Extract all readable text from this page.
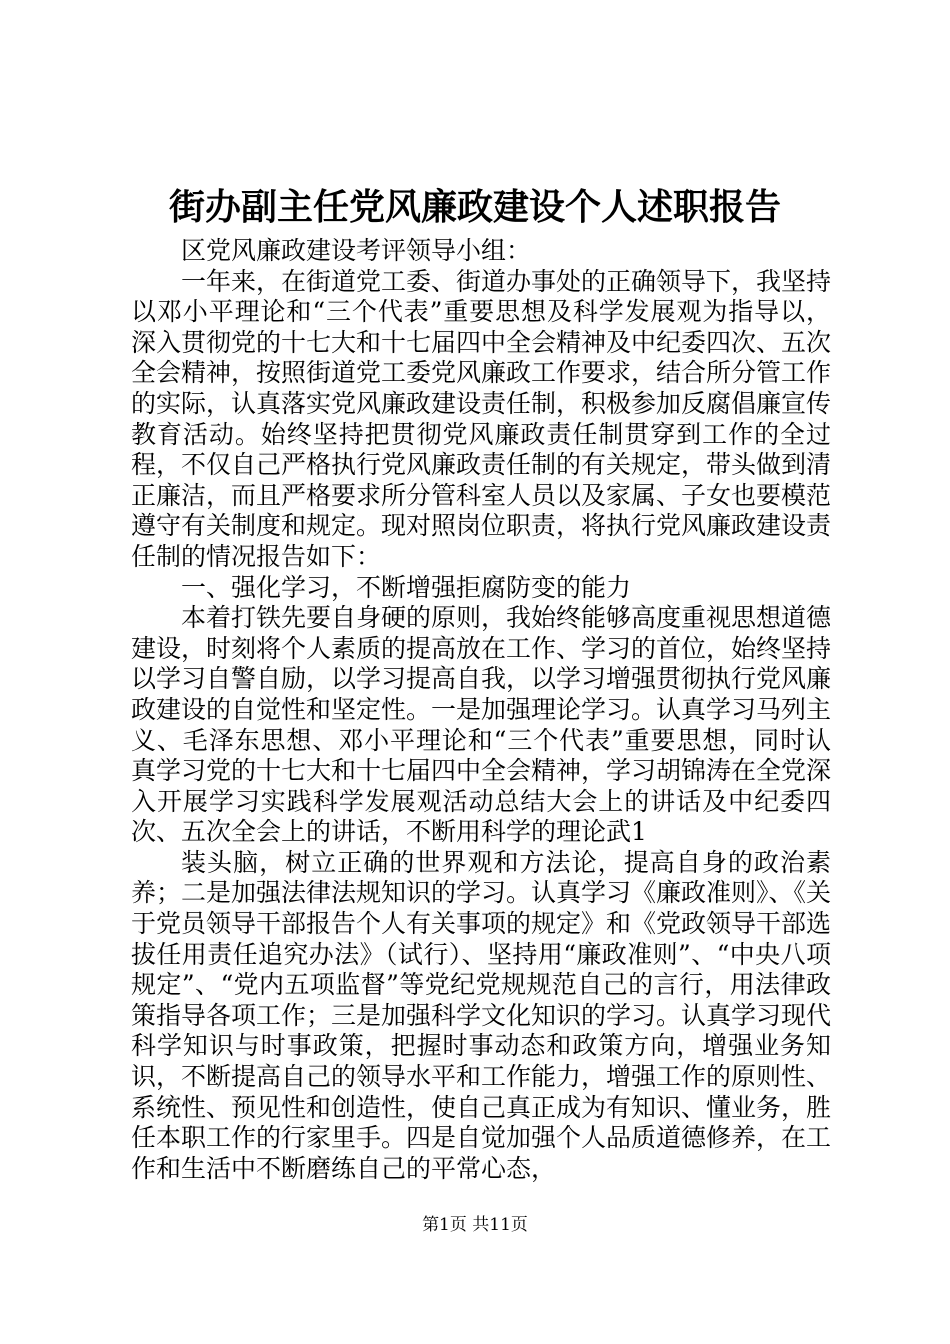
街办副主任党风廉政建设个人述职报告

区党风廉政建设考评领导小组：

一年来，在街道党工委、街道办事处的正确领导下，我坚持以邓小平理论和“三个代表”重要思想及科学发展观为指导以，深入贯彻党的十七大和十七届四中全会精神及中纪委四次、五次全会精神，按照街道党工委党风廉政工作要求，结合所分管工作的实际，认真落实党风廉政建设责任制，积极参加反腐倡廉宣传教育活动。始终坚持把贯彻党风廉政责任制贯穿到工作的全过程，不仅自己严格执行党风廉政责任制的有关规定，带头做到清正廉洁，而且严格要求所分管科室人员以及家属、子女也要模范遵守有关制度和规定。现对照岗位职责，将执行党风廉政建设责任制的情况报告如下：

一、强化学习，不断增强拒腐防变的能力

本着打铁先要自身硬的原则，我始终能够高度重视思想道德建设，时刻将个人素质的提高放在工作、学习的首位，始终坚持以学习自警自励，以学习提高自我，以学习增强贯彻执行党风廉政建设的自觉性和坚定性。一是加强理论学习。认真学习马列主义、毛泽东思想、邓小平理论和“三个代表”重要思想，同时认真学习党的十七大和十七届四中全会精神，学习胡锦涛在全党深入开展学习实践科学发展观活动总结大会上的讲话及中纪委四次、五次全会上的讲话，不断用科学的理论武1

装头脑，树立正确的世界观和方法论，提高自身的政治素养；二是加强法律法规知识的学习。认真学习《廉政准则》、《关于党员领导干部报告个人有关事项的规定》和《党政领导干部选拔任用责任追究办法》（试行）、坚持用“廉政准则”、“中央八项规定”、“党内五项监督”等党纪党规规范自己的言行，用法律政策指导各项工作；三是加强科学文化知识的学习。认真学习现代科学知识与时事政策，把握时事动态和政策方向，增强业务知识，不断提高自己的领导水平和工作能力，增强工作的原则性、系统性、预见性和创造性，使自己真正成为有知识、懂业务，胜任本职工作的行家里手。四是自觉加强个人品质道德修养，在工作和生活中不断磨练自己的平常心态，

第1页 共11页
